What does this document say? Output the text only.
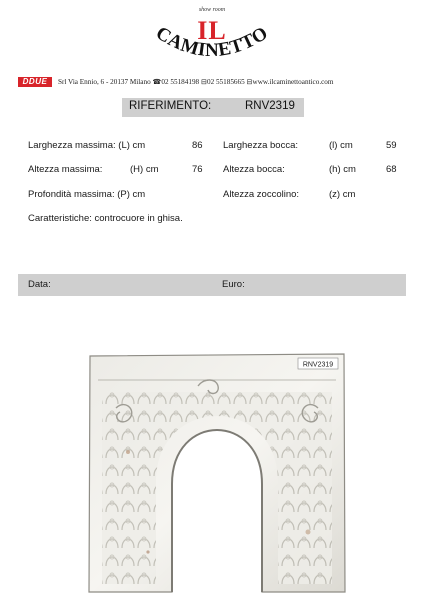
show room
IL
CAMINETTO
DDUE	Srl Via Ennio, 6 - 20137 Milano ☎02 55184198 ⊟02 55185665 ⊟www.ilcaminettoantico.com
RIFERIMENTO:	RNV2319
Larghezza massima: (L) cm	86
Altezza massima:	(H) cm	76
Profondità massima: (P) cm
Caratteristiche: controcuore in ghisa.
Larghezza bocca:	(l) cm	59
Altezza bocca:	(h) cm	68
Altezza zoccolino:	(z) cm
Data:	Euro:
RNV2319
